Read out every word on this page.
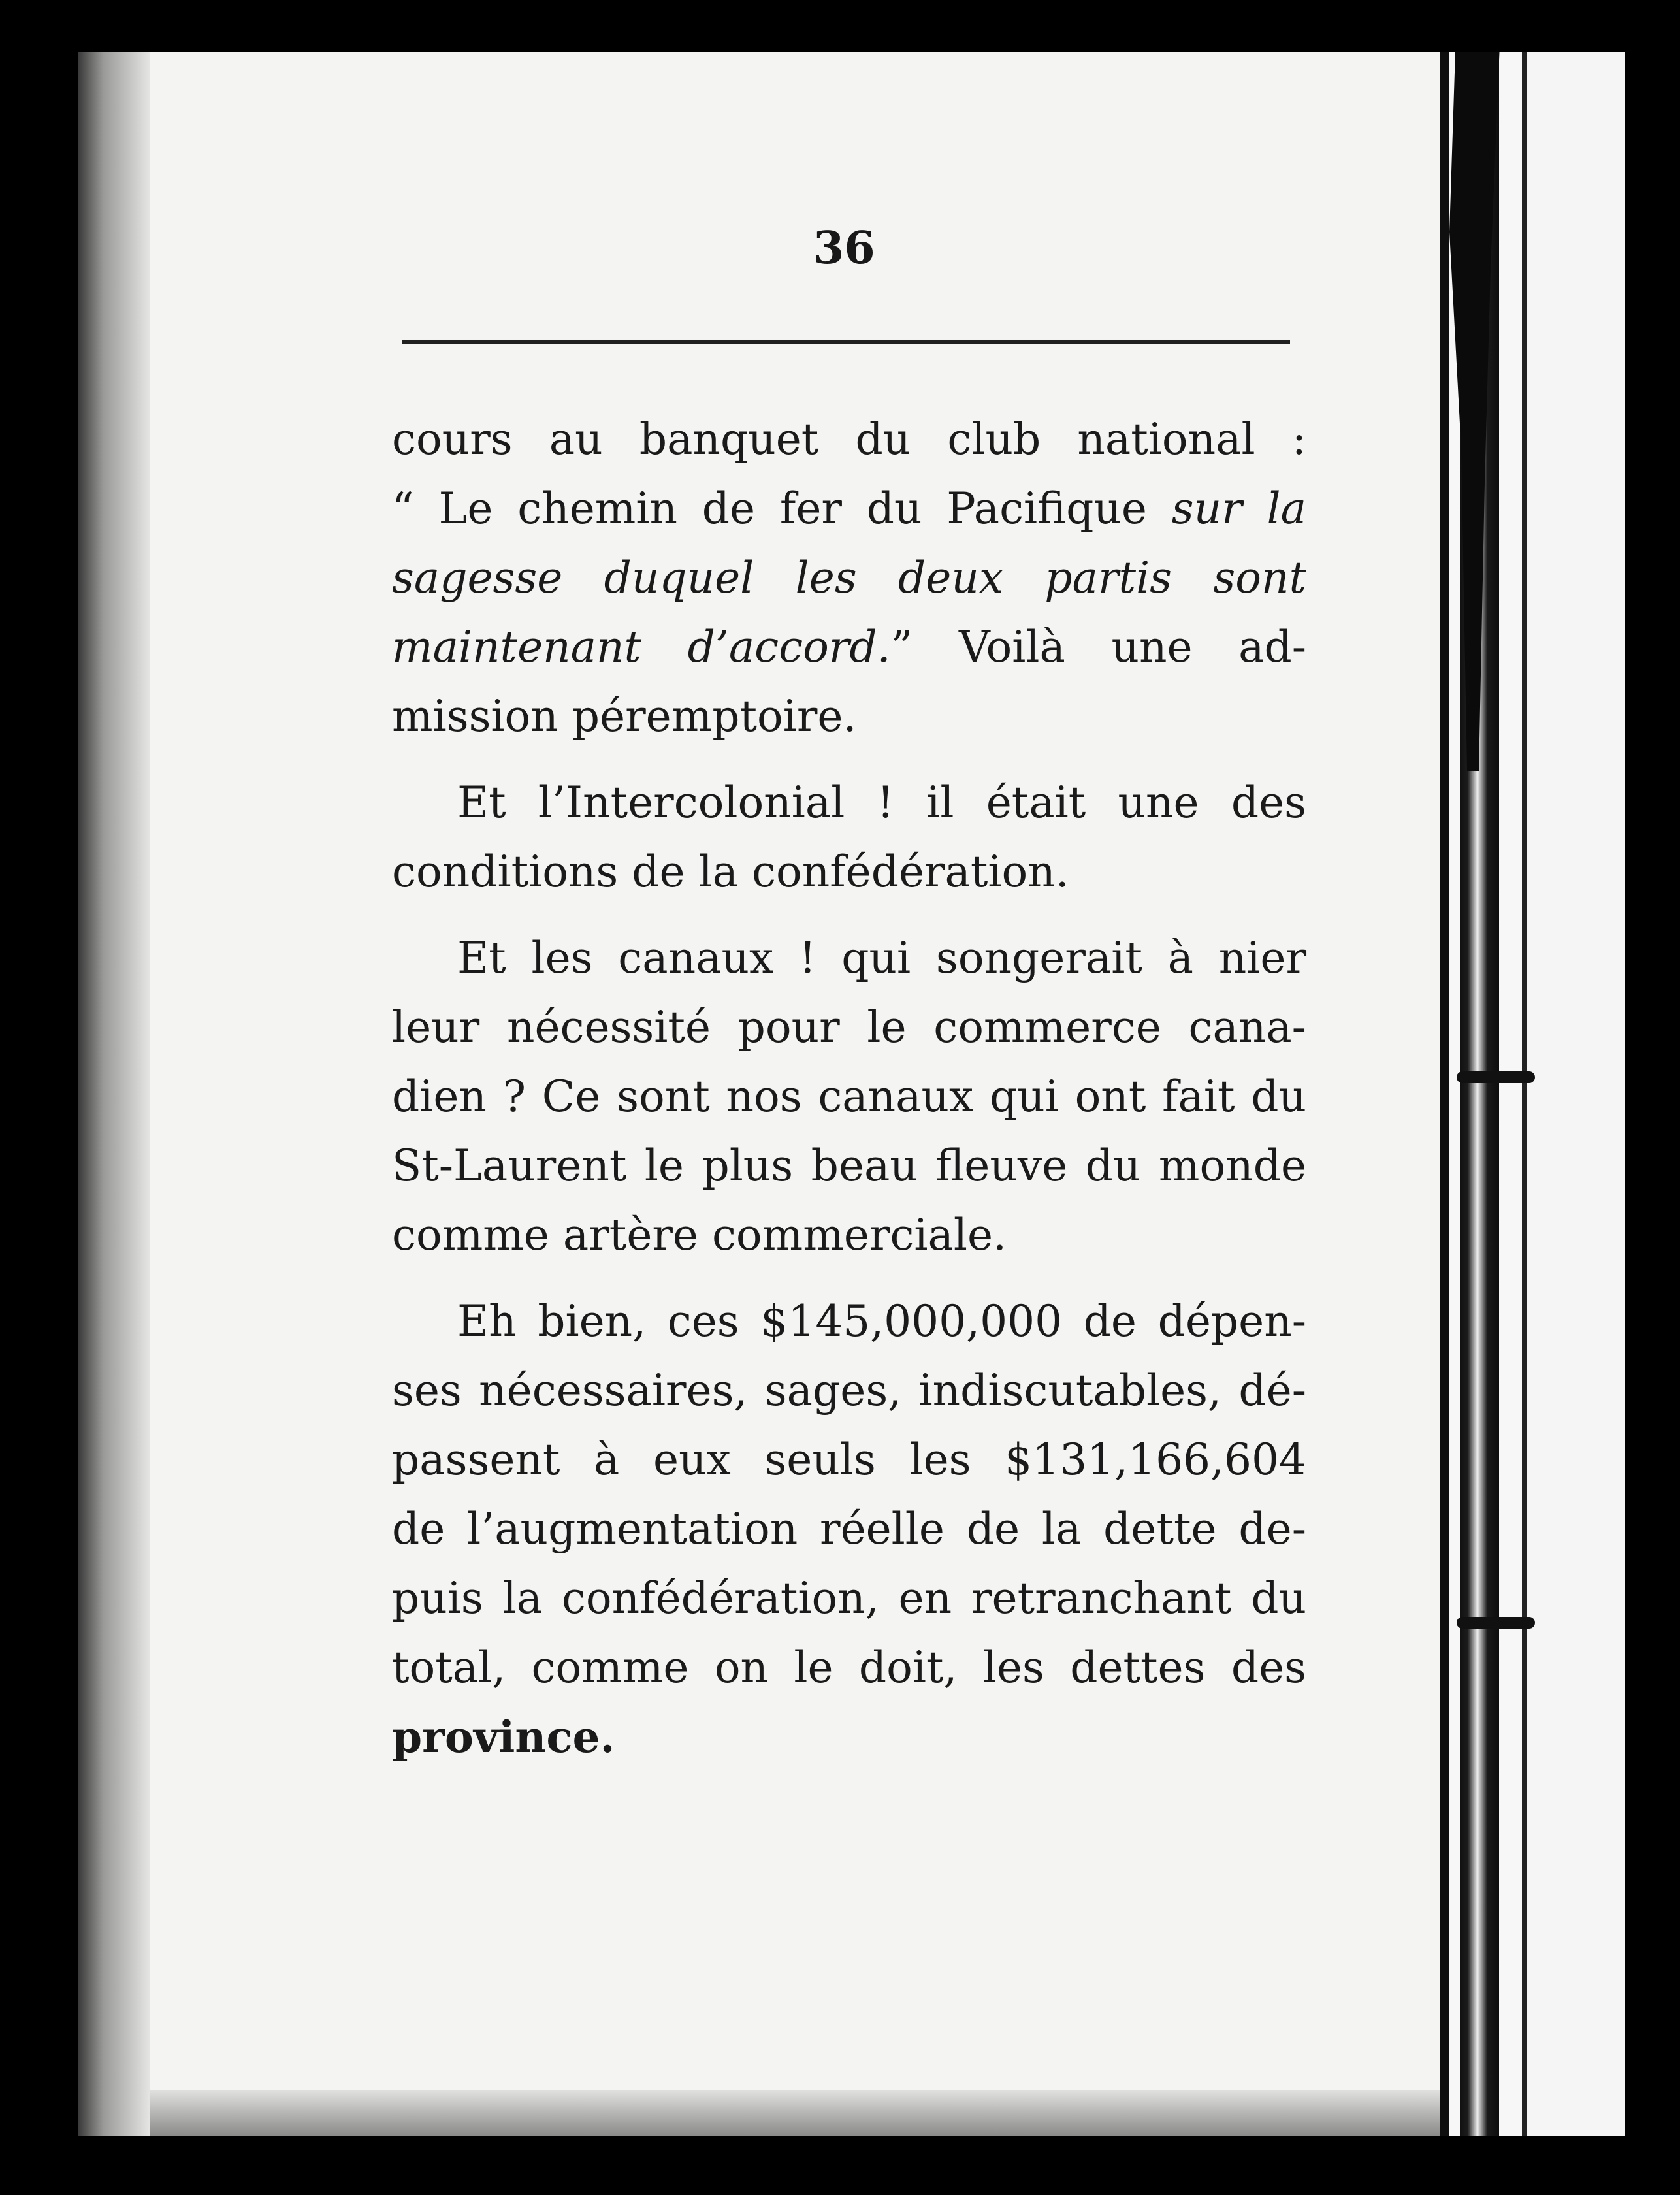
36
cours au banquet du club national :
“ Le chemin de fer du Pacifique sur la
sagesse duquel les deux partis sont
maintenant d’accord.” Voilà une ad-
mission péremptoire.
Et l’Intercolonial ! il était une des
conditions de la confédération.
Et les canaux ! qui songerait à nier
leur nécessité pour le commerce cana-
dien ? Ce sont nos canaux qui ont fait du
St-Laurent le plus beau fleuve du monde
comme artère commerciale.
Eh bien, ces $145,000,000 de dépen-
ses nécessaires, sages, indiscutables, dé-
passent à eux seuls les $131,166,604
de l’augmentation réelle de la dette de-
puis la confédération, en retranchant du
total, comme on le doit, les dettes des
province.
